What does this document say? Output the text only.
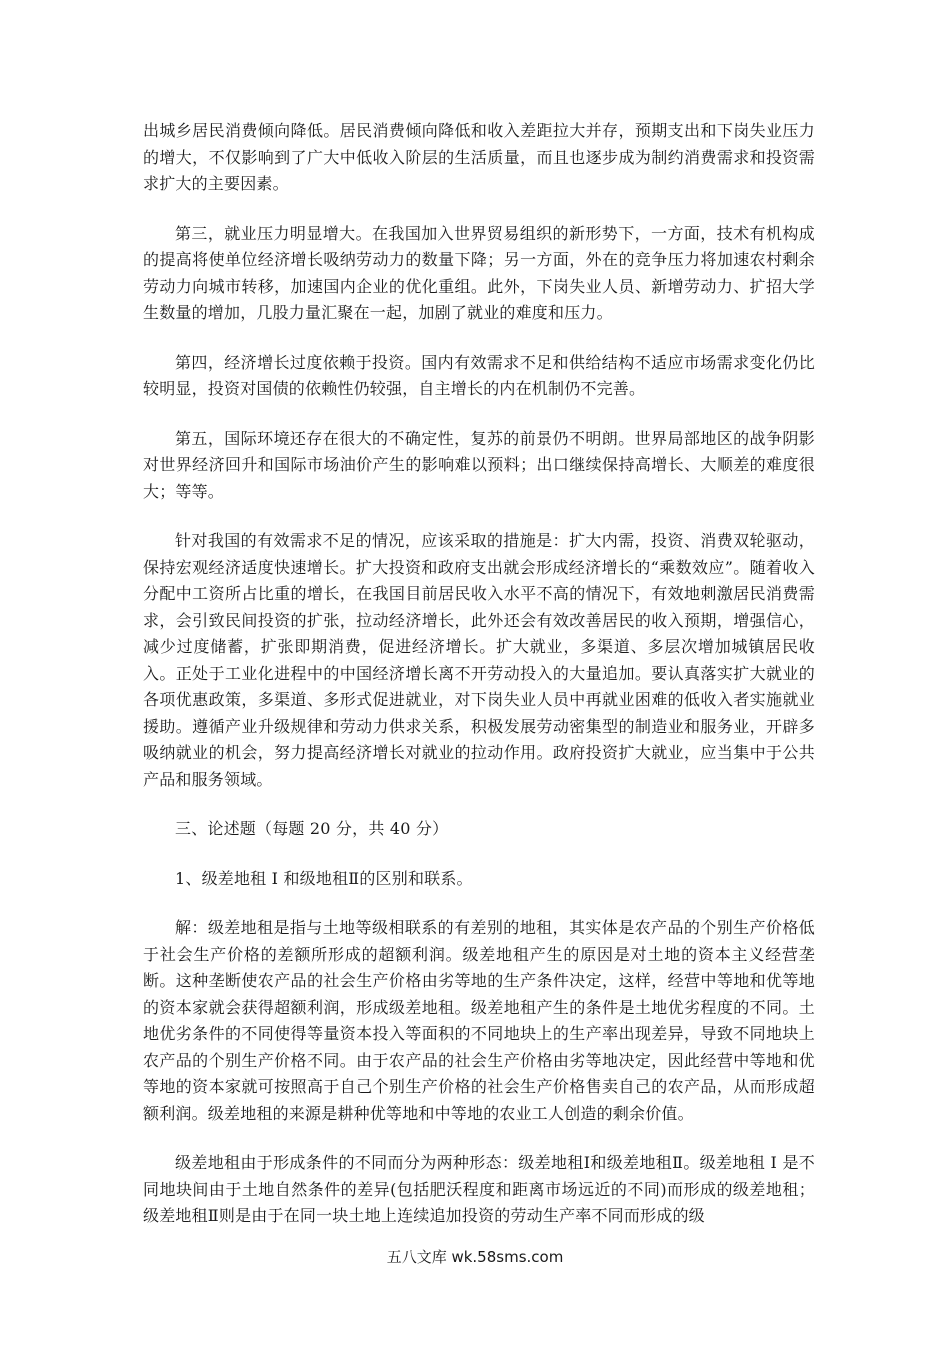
出城乡居民消费倾向降低。居民消费倾向降低和收入差距拉大并存，预期支出和下岗失业压力的增大，不仅影响到了广大中低收入阶层的生活质量，而且也逐步成为制约消费需求和投资需求扩大的主要因素。

第三，就业压力明显增大。在我国加入世界贸易组织的新形势下，一方面，技术有机构成的提高将使单位经济增长吸纳劳动力的数量下降；另一方面，外在的竞争压力将加速农村剩余劳动力向城市转移，加速国内企业的优化重组。此外，下岗失业人员、新增劳动力、扩招大学生数量的增加，几股力量汇聚在一起，加剧了就业的难度和压力。

第四，经济增长过度依赖于投资。国内有效需求不足和供给结构不适应市场需求变化仍比较明显，投资对国债的依赖性仍较强，自主增长的内在机制仍不完善。

第五，国际环境还存在很大的不确定性，复苏的前景仍不明朗。世界局部地区的战争阴影对世界经济回升和国际市场油价产生的影响难以预料；出口继续保持高增长、大顺差的难度很大；等等。

针对我国的有效需求不足的情况，应该采取的措施是：扩大内需，投资、消费双轮驱动，保持宏观经济适度快速增长。扩大投资和政府支出就会形成经济增长的“乘数效应”。随着收入分配中工资所占比重的增长，在我国目前居民收入水平不高的情况下，有效地刺激居民消费需求，会引致民间投资的扩张，拉动经济增长，此外还会有效改善居民的收入预期，增强信心，减少过度储蓄，扩张即期消费，促进经济增长。扩大就业，多渠道、多层次增加城镇居民收入。正处于工业化进程中的中国经济增长离不开劳动投入的大量追加。要认真落实扩大就业的各项优惠政策，多渠道、多形式促进就业，对下岗失业人员中再就业困难的低收入者实施就业援助。遵循产业升级规律和劳动力供求关系，积极发展劳动密集型的制造业和服务业，开辟多吸纳就业的机会，努力提高经济增长对就业的拉动作用。政府投资扩大就业，应当集中于公共产品和服务领域。

三、论述题（每题 20 分，共 40 分）

1、级差地租 I 和级地租Ⅱ的区别和联系。

解：级差地租是指与土地等级相联系的有差别的地租，其实体是农产品的个别生产价格低于社会生产价格的差额所形成的超额利润。级差地租产生的原因是对土地的资本主义经营垄断。这种垄断使农产品的社会生产价格由劣等地的生产条件决定，这样，经营中等地和优等地的资本家就会获得超额利润，形成级差地租。级差地租产生的条件是土地优劣程度的不同。土地优劣条件的不同使得等量资本投入等面积的不同地块上的生产率出现差异，导致不同地块上农产品的个别生产价格不同。由于农产品的社会生产价格由劣等地决定，因此经营中等地和优等地的资本家就可按照高于自己个别生产价格的社会生产价格售卖自己的农产品，从而形成超额利润。级差地租的来源是耕种优等地和中等地的农业工人创造的剩余价值。

级差地租由于形成条件的不同而分为两种形态：级差地租Ⅰ和级差地租Ⅱ。级差地租 I 是不同地块间由于土地自然条件的差异(包括肥沃程度和距离市场远近的不同)而形成的级差地租；级差地租Ⅱ则是由于在同一块土地上连续追加投资的劳动生产率不同而形成的级

五八文库 wk.58sms.com
